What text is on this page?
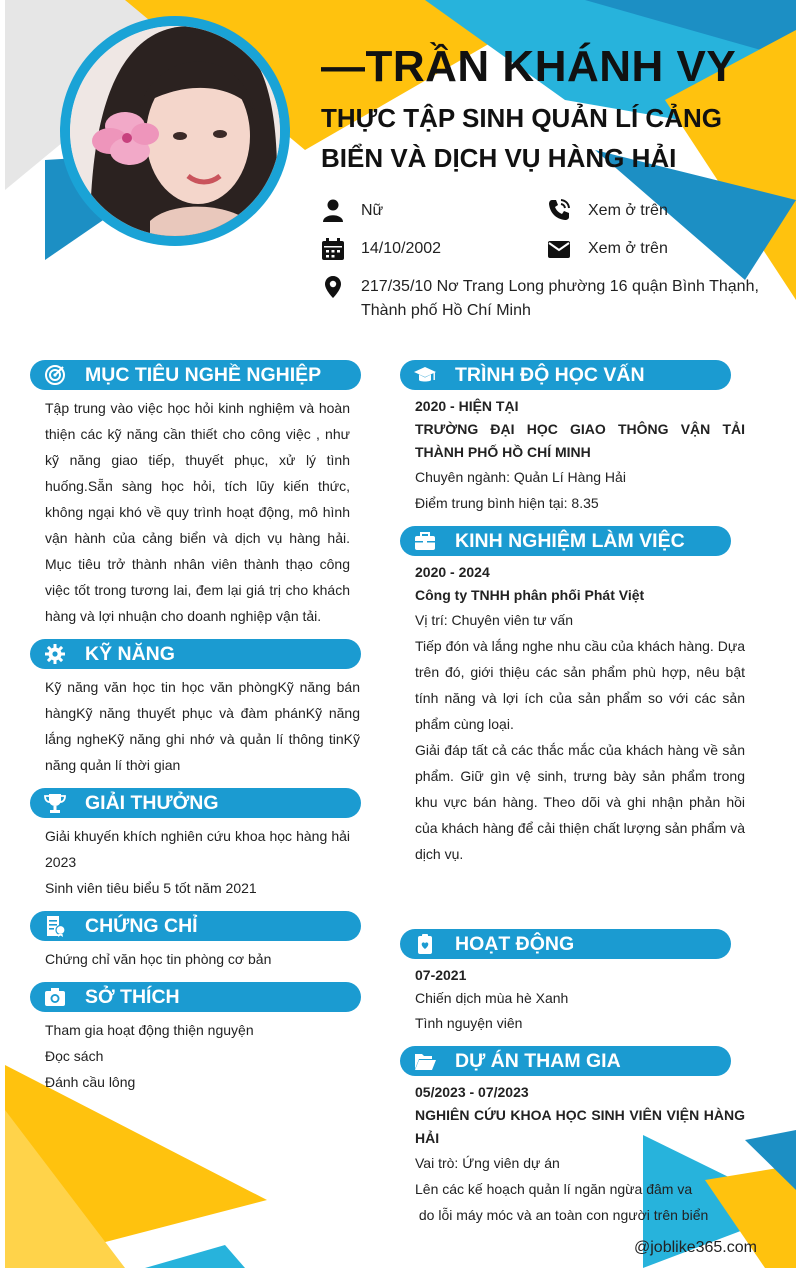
—TRẦN KHÁNH VY
THỰC TẬP SINH QUẢN LÍ CẢNG BIỂN VÀ DỊCH VỤ HÀNG HẢI
Nữ	Xem ở trên
14/10/2002	Xem ở trên
217/35/10 Nơ Trang Long phường 16 quận Bình Thạnh, Thành phố Hồ Chí Minh
MỤC TIÊU NGHỀ NGHIỆP
Tập trung vào việc học hỏi kinh nghiệm và hoàn thiện các kỹ năng cần thiết cho công việc , như kỹ năng giao tiếp, thuyết phục, xử lý tình huống.Sẵn sàng học hỏi, tích lũy kiến thức, không ngại khó về quy trình hoạt động, mô hình vận hành của cảng biển và dịch vụ hàng hải. Mục tiêu trở thành nhân viên thành thạo công việc tốt trong tương lai, đem lại giá trị cho khách hàng và lợi nhuận cho doanh nghiệp vận tải.
KỸ NĂNG
Kỹ năng văn học tin học văn phòngKỹ năng bán hàngKỹ năng thuyết phục và đàm phánKỹ năng lắng ngheKỹ năng ghi nhớ và quản lí thông tinKỹ năng quản lí thời gian
GIẢI THƯỞNG
Giải khuyến khích nghiên cứu khoa học hàng hải 2023
Sinh viên tiêu biểu 5 tốt năm 2021
CHỨNG CHỈ
Chứng chỉ văn học tin phòng cơ bản
SỞ THÍCH
Tham gia hoạt động thiện nguyện
Đọc sách
Đánh cầu lông
TRÌNH ĐỘ HỌC VẤN
2020 - HIỆN TẠI
TRƯỜNG ĐẠI HỌC GIAO THÔNG VẬN TẢI THÀNH PHỐ HỒ CHÍ MINH
Chuyên ngành: Quản Lí Hàng Hải
Điểm trung bình hiện tại: 8.35
KINH NGHIỆM LÀM VIỆC
2020 - 2024
Công ty TNHH phân phối Phát Việt
Vị trí: Chuyên viên tư vấn
Tiếp đón và lắng nghe nhu cầu của khách hàng. Dựa trên đó, giới thiệu các sản phẩm phù hợp, nêu bật tính năng và lợi ích của sản phẩm so với các sản phẩm cùng loại.
Giải đáp tất cả các thắc mắc của khách hàng về sản phẩm. Giữ gìn vệ sinh, trưng bày sản phẩm trong khu vực bán hàng. Theo dõi và ghi nhận phản hồi của khách hàng để cải thiện chất lượng sản phẩm và dịch vụ.
HOẠT ĐỘNG
07-2021
Chiến dịch mùa hè Xanh
Tình nguyện viên
DỰ ÁN THAM GIA
05/2023 - 07/2023
NGHIÊN CỨU KHOA HỌC SINH VIÊN VIỆN HÀNG HẢI
Vai trò: Ứng viên dự án
Lên các kế hoạch quản lí ngăn ngừa đâm va
do lỗi máy móc và an toàn con người trên biển
@joblike365.com
